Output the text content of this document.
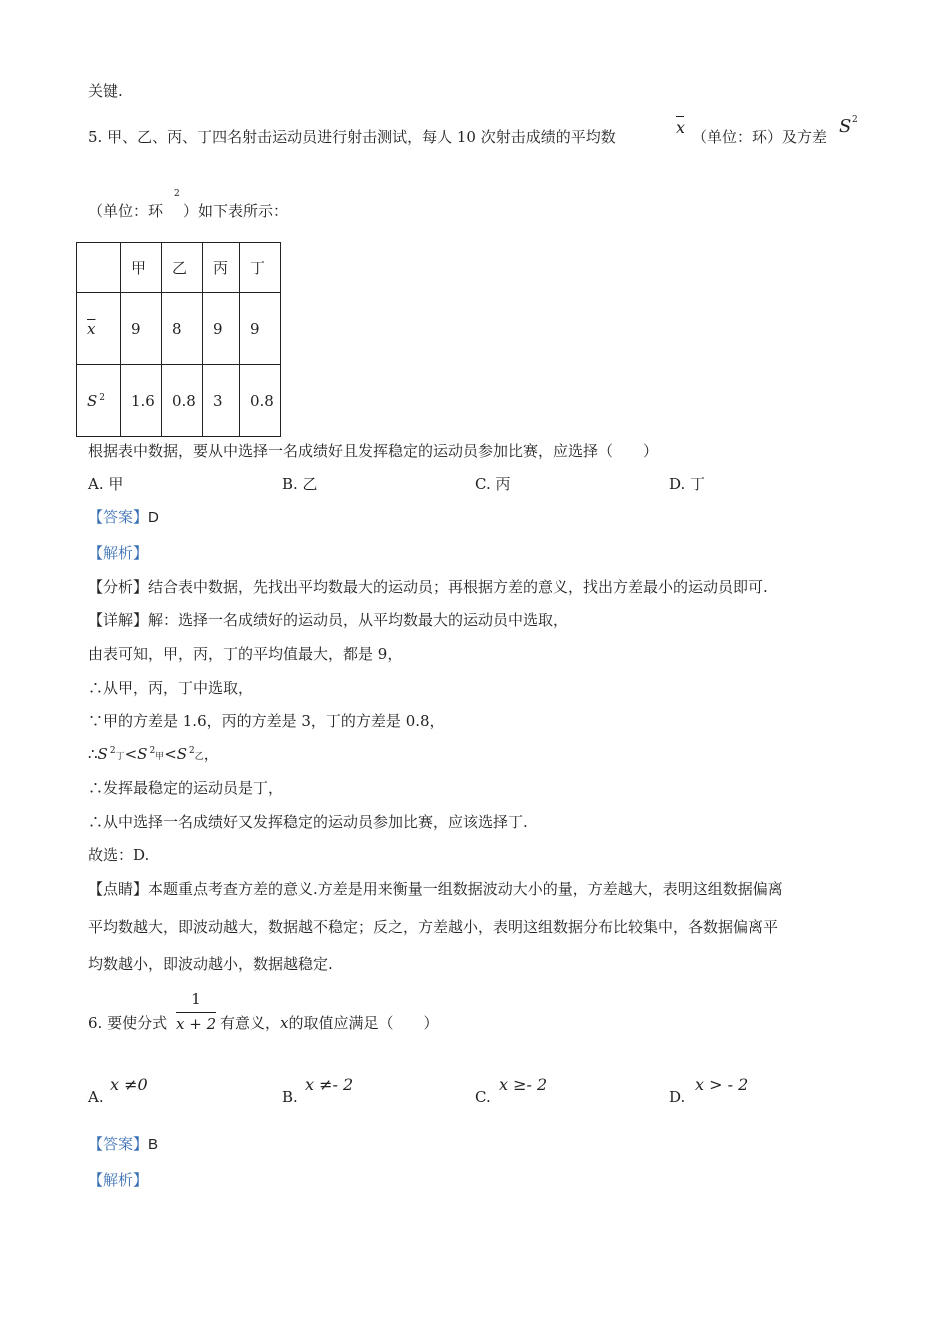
关键.
5. 甲、乙、丙、丁四名射击运动员进行射击测试，每人 10 次射击成绩的平均数	x （单位：环）及方差 S 2
（单位：环
2
）如下表所示：
	甲	乙	丙	丁
$\overline{x}$	9	8	9	9
S $^2$	1.6	0.8	3	0.8
根据表中数据，要从中选择一名成绩好且发挥稳定的运动员参加比赛，应选择（　　）
A. 甲	B. 乙	C. 丙	D. 丁
【答案】D
【解析】
【分析】结合表中数据，先找出平均数最大的运动员；再根据方差的意义，找出方差最小的运动员即可.
【详解】解：选择一名成绩好的运动员，从平均数最大的运动员中选取，
由表可知，甲，丙，丁的平均值最大，都是 9，
∴从甲，丙，丁中选取，
∵甲的方差是 1.6，丙的方差是 3，丁的方差是 0.8，
∴S $^2$丁<S $^2$甲<S $^2$乙，
∴发挥最稳定的运动员是丁，
∴从中选择一名成绩好又发挥稳定的运动员参加比赛，应该选择丁.
故选：D.
【点睛】本题重点考查方差的意义.方差是用来衡量一组数据波动大小的量，方差越大，表明这组数据偏离
平均数越大，即波动越大，数据越不稳定；反之，方差越小，表明这组数据分布比较集中，各数据偏离平
均数越小，即波动越小，数据越稳定.
6. 要使分式
1
x + 2 有意义，x的取值应满足（　　）
A.
x ≠0
B.
x ≠- 2
C.
x ≥- 2
D.
x > - 2
【答案】B
【解析】
